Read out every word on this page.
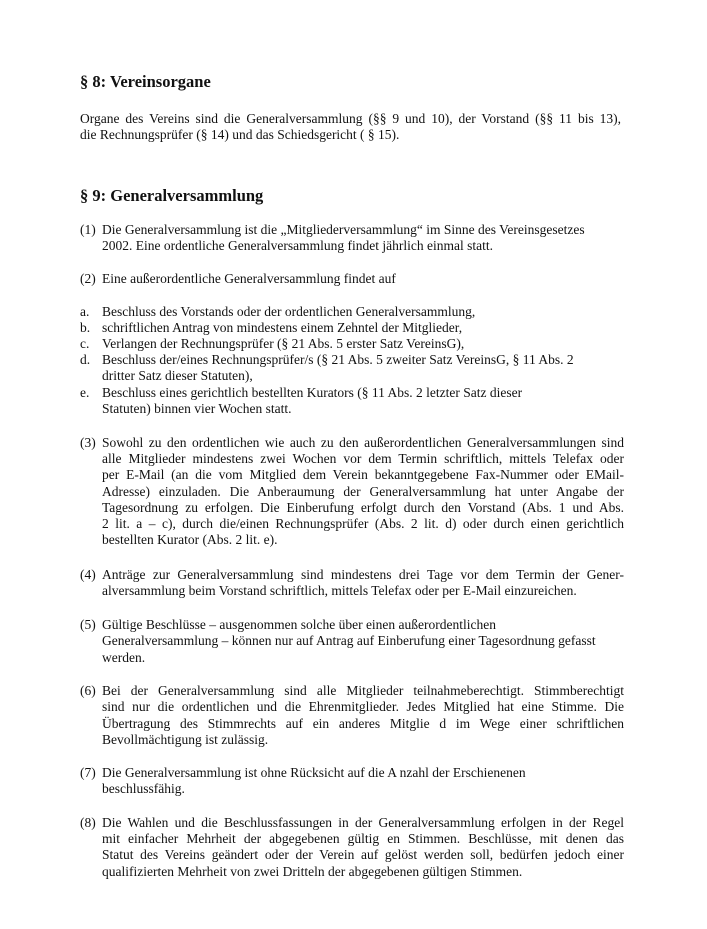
§ 8: Vereinsorgane
Organe des Vereins sind die Generalversammlung (§§ 9 und 10), der Vorstand (§§ 11 bis 13),
die Rechnungsprüfer (§ 14) und das Schiedsgericht ( § 15).
§ 9: Generalversammlung
(1) Die Generalversammlung ist die „Mitgliederversammlung“ im Sinne des Vereinsgesetzes
2002. Eine ordentliche Generalversammlung findet jährlich einmal statt.
(2) Eine außerordentliche Generalversammlung findet auf
a. Beschluss des Vorstands oder der ordentlichen Generalversammlung,
b. schriftlichen Antrag von mindestens einem Zehntel der Mitglieder,
c. Verlangen der Rechnungsprüfer (§ 21 Abs. 5 erster Satz VereinsG),
d. Beschluss der/eines Rechnungsprüfer/s (§ 21 Abs. 5 zweiter Satz VereinsG, § 11 Abs. 2
dritter Satz dieser Statuten),
e. Beschluss eines gerichtlich bestellten Kurators (§ 11 Abs. 2 letzter Satz dieser
Statuten) binnen vier Wochen statt.
(3) Sowohl zu den ordentlichen wie auch zu den außerordentlichen Generalversammlungen sind
alle Mitglieder mindestens zwei Wochen vor dem Termin schriftlich, mittels Telefax oder
per E-Mail (an die vom Mitglied dem Verein bekanntgegebene Fax-Nummer oder EMail-
Adresse) einzuladen. Die Anberaumung der Generalversammlung hat unter Angabe der
Tagesordnung zu erfolgen. Die Einberufung erfolgt durch den Vorstand (Abs. 1 und Abs.
2 lit. a – c), durch die/einen Rechnungsprüfer (Abs. 2 lit. d) oder durch einen gerichtlich
bestellten Kurator (Abs. 2 lit. e).
(4) Anträge zur Generalversammlung sind mindestens drei Tage vor dem Termin der Gener-
alversammlung beim Vorstand schriftlich, mittels Telefax oder per E-Mail einzureichen.
(5) Gültige Beschlüsse – ausgenommen solche über einen außerordentlichen
Generalversammlung – können nur auf Antrag auf Einberufung einer Tagesordnung gefasst
werden.
(6) Bei der Generalversammlung sind alle Mitglieder teilnahmeberechtigt. Stimmberechtigt
sind nur die ordentlichen und die Ehrenmitglieder. Jedes Mitglied hat eine Stimme. Die
Übertragung des Stimmrechts auf ein anderes Mitglie d im Wege einer schriftlichen
Bevollmächtigung ist zulässig.
(7) Die Generalversammlung ist ohne Rücksicht auf die A nzahl der Erschienenen
beschlussfähig.
(8) Die Wahlen und die Beschlussfassungen in der Generalversammlung erfolgen in der Regel
mit einfacher Mehrheit der abgegebenen gültig en Stimmen. Beschlüsse, mit denen das
Statut des Vereins geändert oder der Verein auf gelöst werden soll, bedürfen jedoch einer
qualifizierten Mehrheit von zwei Dritteln der abgegebenen gültigen Stimmen.
